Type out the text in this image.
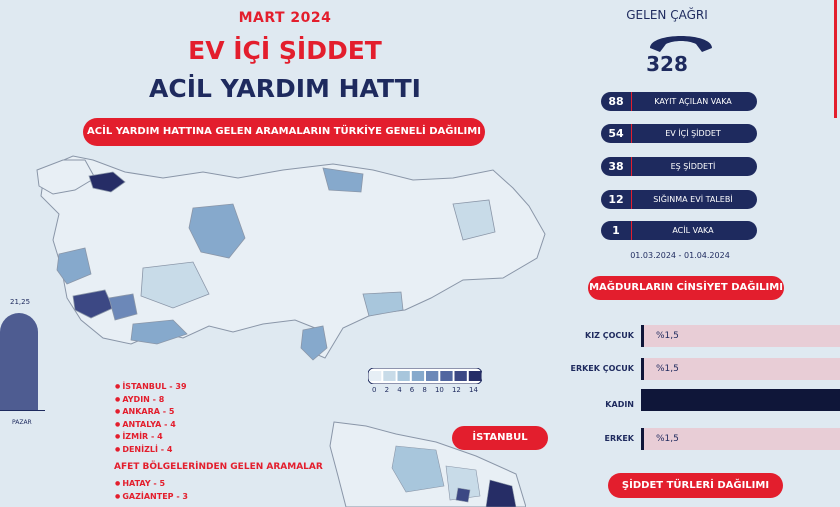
MART 2024
EV İÇİ ŞİDDET
ACİL YARDIM HATTI
ACİL YARDIM HATTINA GELEN ARAMALARIN TÜRKİYE GENELİ DAĞILIMI
0 2 4 6 8 10 12 14
21,25
PAZAR
● İSTANBUL - 39
● AYDIN - 8
● ANKARA - 5
● ANTALYA - 4
● İZMİR - 4
● DENİZLİ - 4
AFET BÖLGELERİNDEN GELEN ARAMALAR
● HATAY - 5
● GAZİANTEP - 3
İSTANBUL
GELEN ÇAĞRI
328
88	KAYIT AÇILAN VAKA
54	EV İÇİ ŞİDDET
38	EŞ ŞİDDETİ
12	SIĞINMA EVİ TALEBİ
1	ACİL VAKA
01.03.2024 - 01.04.2024
MAĞDURLARIN CİNSİYET DAĞILIMI
KIZ ÇOCUK %1,5
ERKEK ÇOCUK %1,5
KADIN
ERKEK %1,5
ŞİDDET TÜRLERİ DAĞILIMI
